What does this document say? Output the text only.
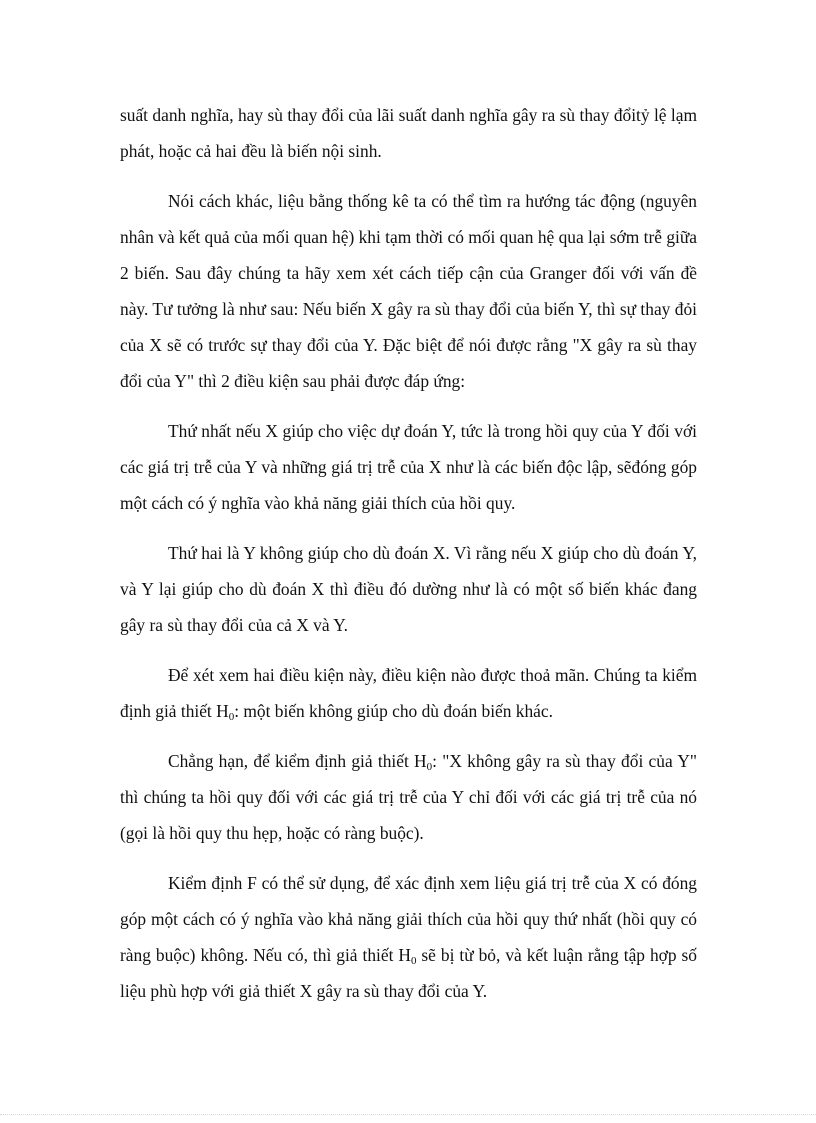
suất danh nghĩa, hay sù thay đổi của lãi suất danh nghĩa gây ra sù thay đổitỷ lệ lạm phát, hoặc cả hai đều là biến nội sinh.

Nói cách khác, liệu bằng thống kê ta có thể tìm ra hướng tác động (nguyên nhân và kết quả của mối quan hệ) khi tạm thời có mối quan hệ qua lại sớm trễ giữa 2 biến. Sau đây chúng ta hãy xem xét cách tiếp cận của Granger đối với vấn đề này. Tư tưởng là như sau: Nếu biến X gây ra sù thay đổi của biến Y, thì sự thay đỏi của X sẽ có trước sự thay đổi của Y. Đặc biệt để nói được rằng "X gây ra sù thay đổi của Y" thì 2 điều kiện sau phải được đáp ứng:

Thứ nhất nếu X giúp cho việc dự đoán Y, tức là trong hồi quy của Y đối với các giá trị trễ của Y và những giá trị trễ của X như là các biến độc lập, sẽđóng góp một cách có ý nghĩa vào khả năng giải thích của hồi quy.

Thứ hai là Y không giúp cho dù đoán X. Vì rằng nếu X giúp cho dù đoán Y, và Y lại giúp cho dù đoán X thì điều đó dường như là có một số biến khác đang gây ra sù thay đổi của cả X và Y.

Để xét xem hai điều kiện này, điều kiện nào được thoả mãn. Chúng ta kiểm định giả thiết $H_0$: một biến không giúp cho dù đoán biến khác.

Chẳng hạn, để kiểm định giả thiết $H_0$: "X không gây ra sù thay đổi của Y" thì chúng ta hồi quy đối với các giá trị trễ của Y chỉ đối với các giá trị trễ của nó (gọi là hồi quy thu hẹp, hoặc có ràng buộc).

Kiểm định F có thể sử dụng, để xác định xem liệu giá trị trễ của X có đóng góp một cách có ý nghĩa vào khả năng giải thích của hồi quy thứ nhất (hồi quy có ràng buộc) không. Nếu có, thì giả thiết $H_0$ sẽ bị từ bỏ, và kết luận rằng tập hợp số liệu phù hợp với giả thiết X gây ra sù thay đổi của Y.
